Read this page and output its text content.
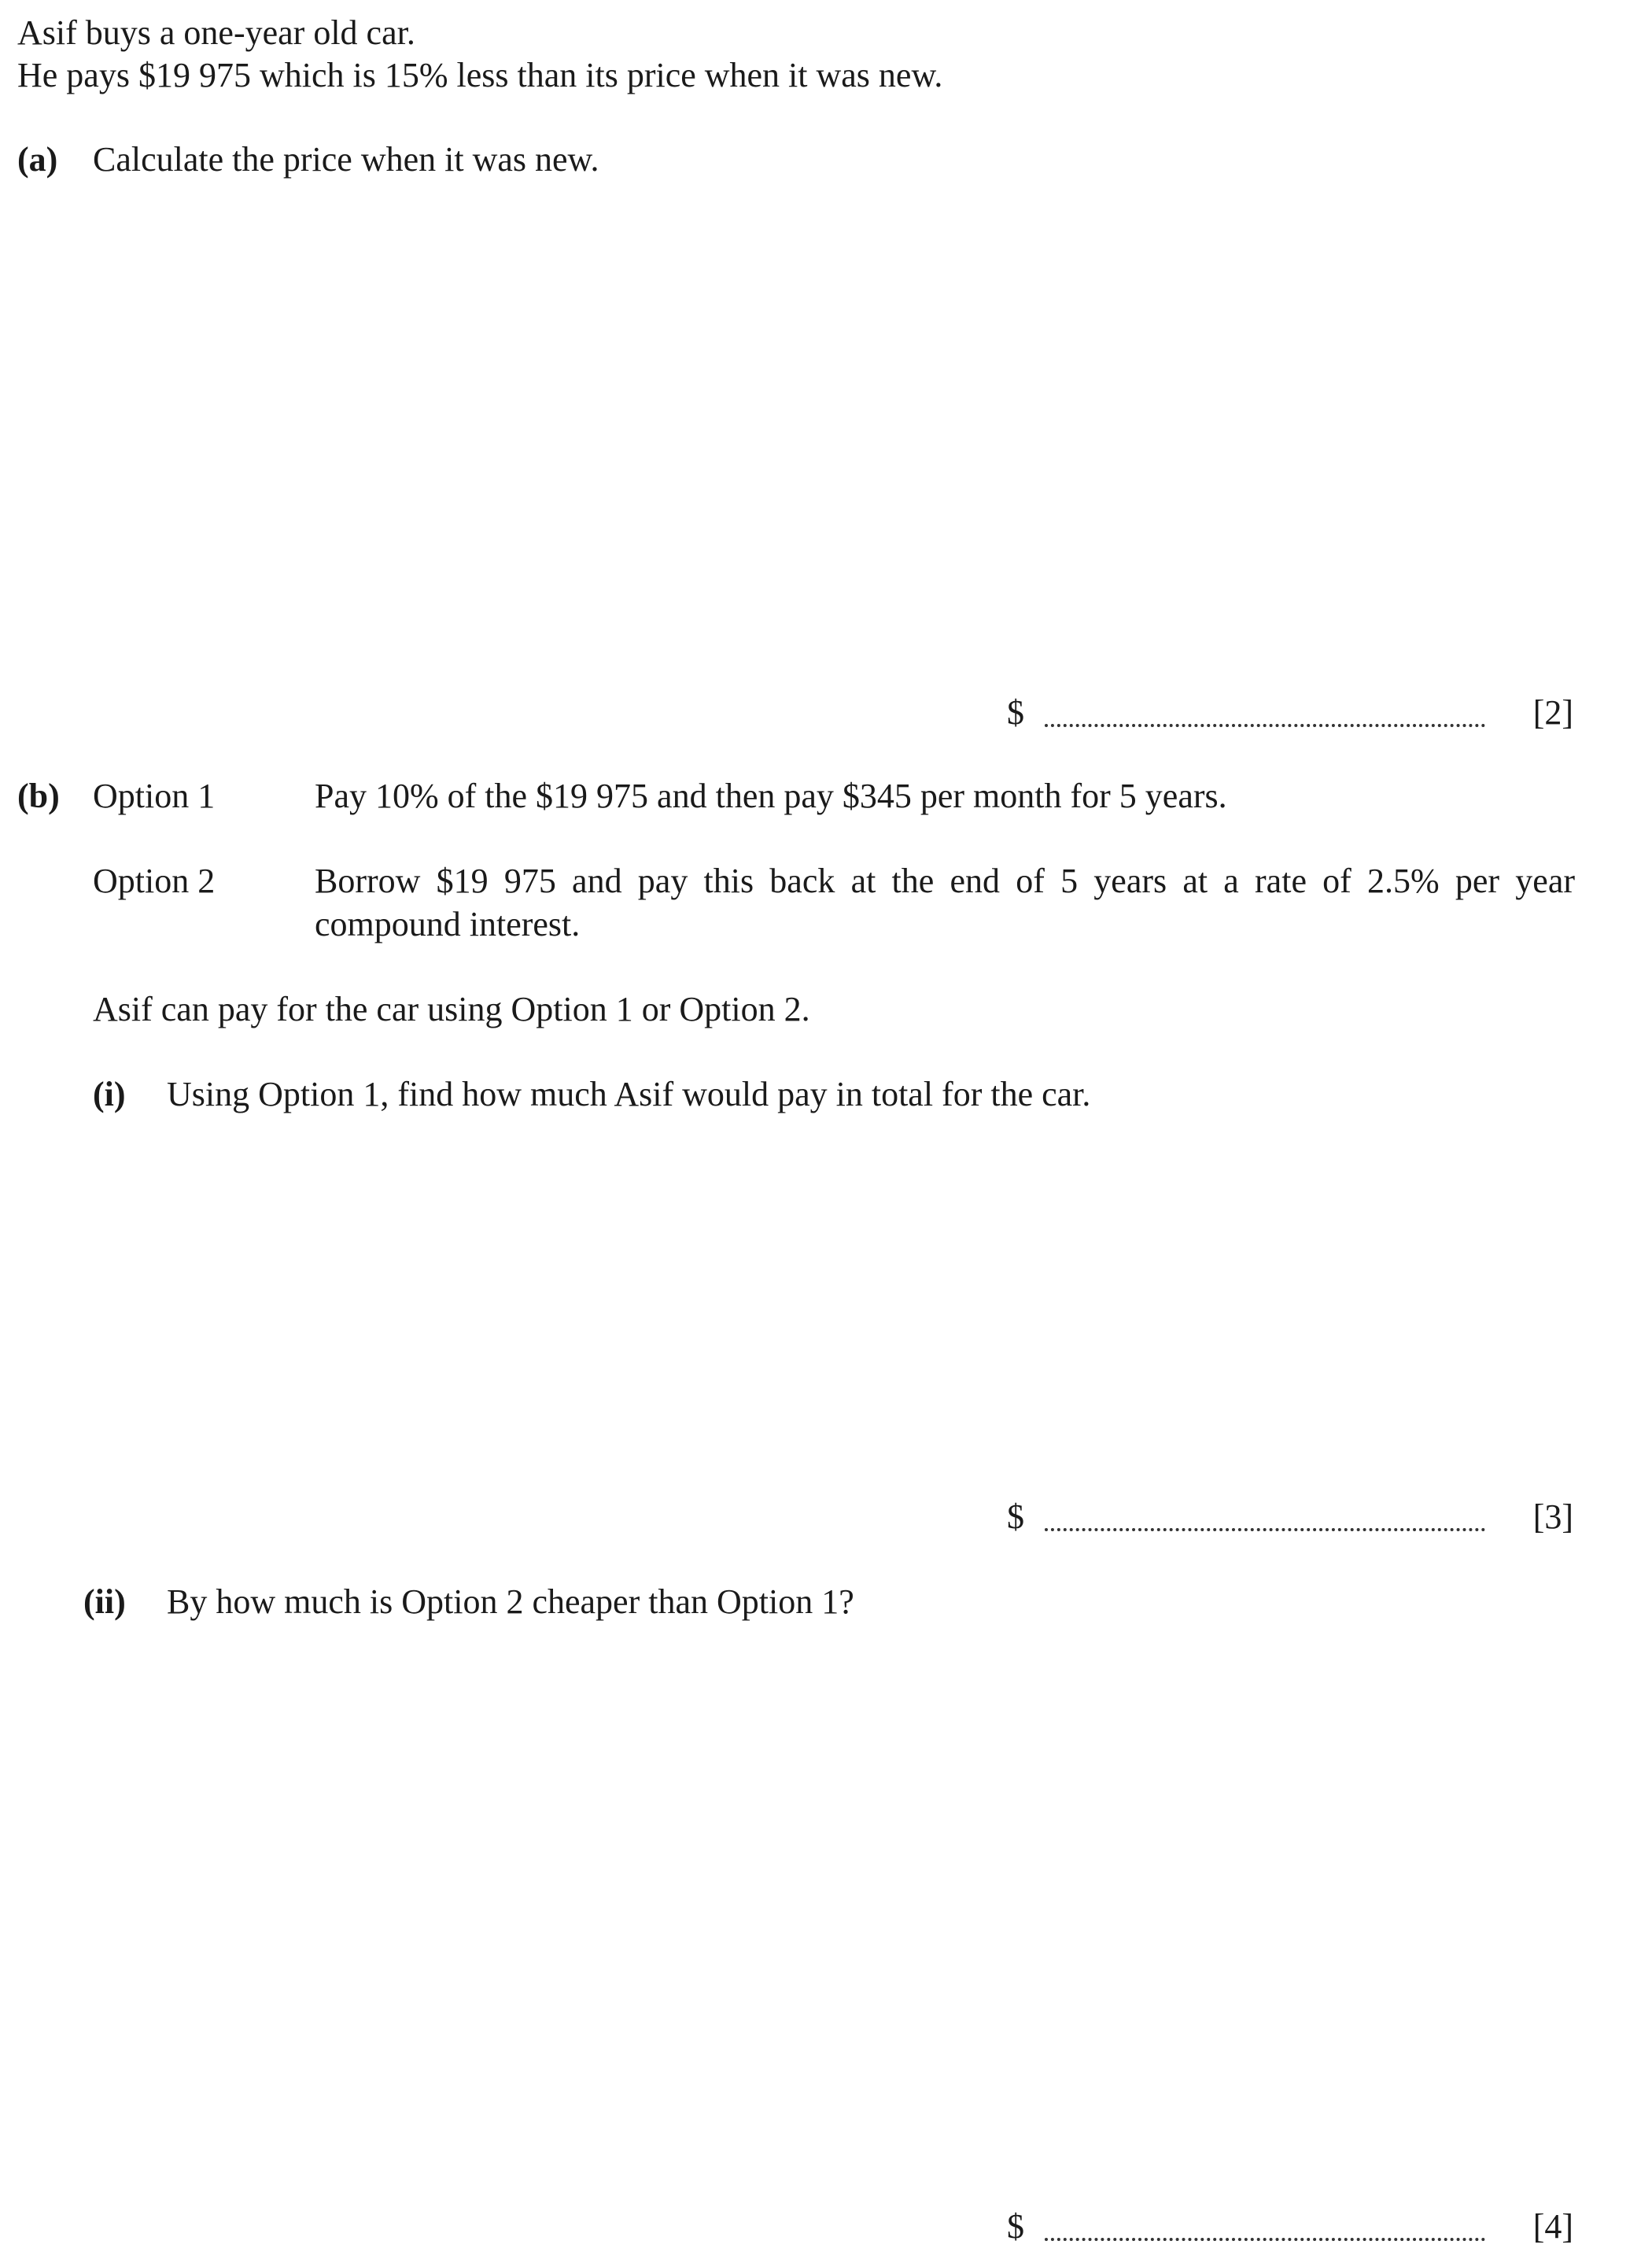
Asif buys a one-year old car.
He pays $19 975 which is 15% less than its price when it was new.
(a) Calculate the price when it was new.
$	[2]
(b) Option 1	Pay 10% of the $19 975 and then pay $345 per month for 5 years.
Option 2	Borrow $19 975 and pay this back at the end of 5 years at a rate of 2.5% per year
compound interest.
Asif can pay for the car using Option 1 or Option 2.
(i) Using Option 1, find how much Asif would pay in total for the car.
$	[3]
(ii) By how much is Option 2 cheaper than Option 1?
$	[4]
